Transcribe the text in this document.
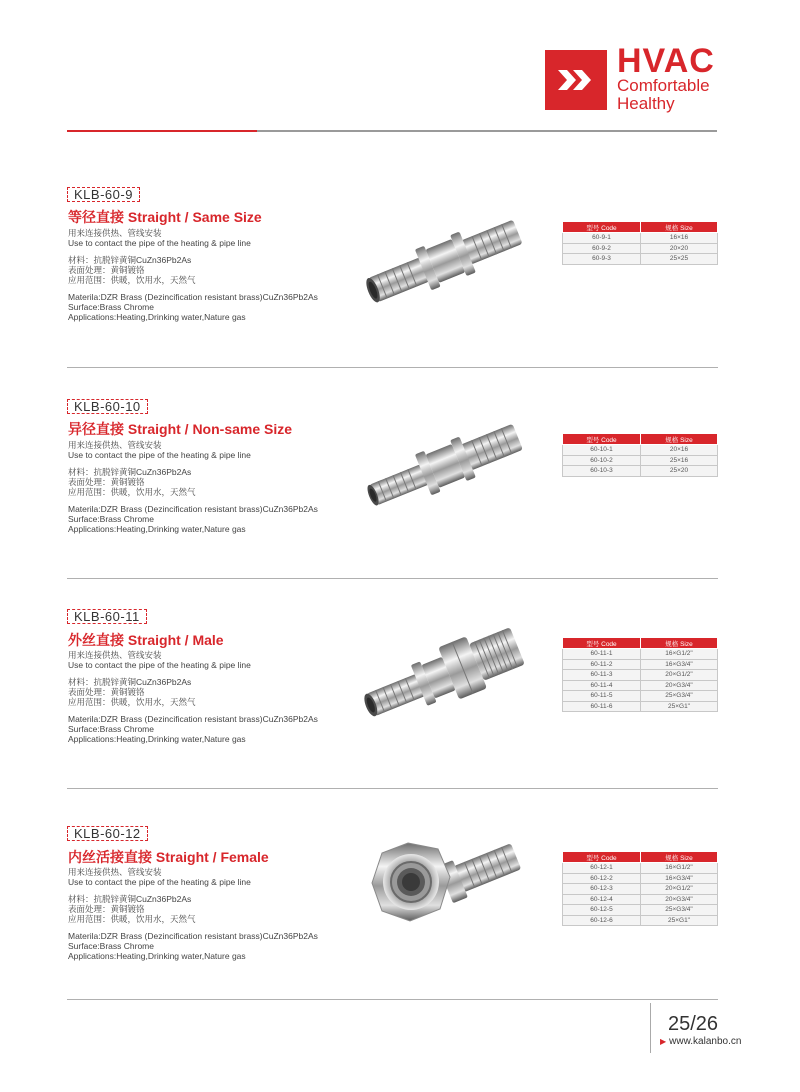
HVAC
Comfortable
Healthy
KLB-60-9
等径直接 Straight / Same Size

用来连接供热、管线安装

Use to contact the pipe of the heating & pipe line

材料：抗脱锌黄铜CuZn36Pb2As

表面处理：黄铜镀铬

应用范围：供暖，饮用水，天然气

Materila:DZR Brass (Dezincification resistant brass)CuZn36Pb2As

Surface:Brass Chrome

Applications:Heating,Drinking water,Nature gas

型号 Code	规格 Size
60-9-1	16×16
60-9-2	20×20
60-9-3	25×25
KLB-60-10
异径直接 Straight / Non-same Size

用来连接供热、管线安装

Use to contact the pipe of the heating & pipe line

材料：抗脱锌黄铜CuZn36Pb2As

表面处理：黄铜镀铬

应用范围：供暖，饮用水，天然气

Materila:DZR Brass (Dezincification resistant brass)CuZn36Pb2As

Surface:Brass Chrome

Applications:Heating,Drinking water,Nature gas

型号 Code	规格 Size
60-10-1	20×16
60-10-2	25×16
60-10-3	25×20
KLB-60-11
外丝直接 Straight / Male

用来连接供热、管线安装

Use to contact the pipe of the heating & pipe line

材料：抗脱锌黄铜CuZn36Pb2As

表面处理：黄铜镀铬

应用范围：供暖，饮用水，天然气

Materila:DZR Brass (Dezincification resistant brass)CuZn36Pb2As

Surface:Brass Chrome

Applications:Heating,Drinking water,Nature gas

型号 Code	规格 Size
60-11-1	16×G1/2"
60-11-2	16×G3/4"
60-11-3	20×G1/2"
60-11-4	20×G3/4"
60-11-5	25×G3/4"
60-11-6	25×G1"
KLB-60-12
内丝活接直接 Straight / Female

用来连接供热、管线安装

Use to contact the pipe of the heating & pipe line

材料：抗脱锌黄铜CuZn36Pb2As

表面处理：黄铜镀铬

应用范围：供暖，饮用水，天然气

Materila:DZR Brass (Dezincification resistant brass)CuZn36Pb2As

Surface:Brass Chrome

Applications:Heating,Drinking water,Nature gas

型号 Code	规格 Size
60-12-1	16×G1/2"
60-12-2	16×G3/4"
60-12-3	20×G1/2"
60-12-4	20×G3/4"
60-12-5	25×G3/4"
60-12-6	25×G1"
25/26
▶ www.kalanbo.cn
